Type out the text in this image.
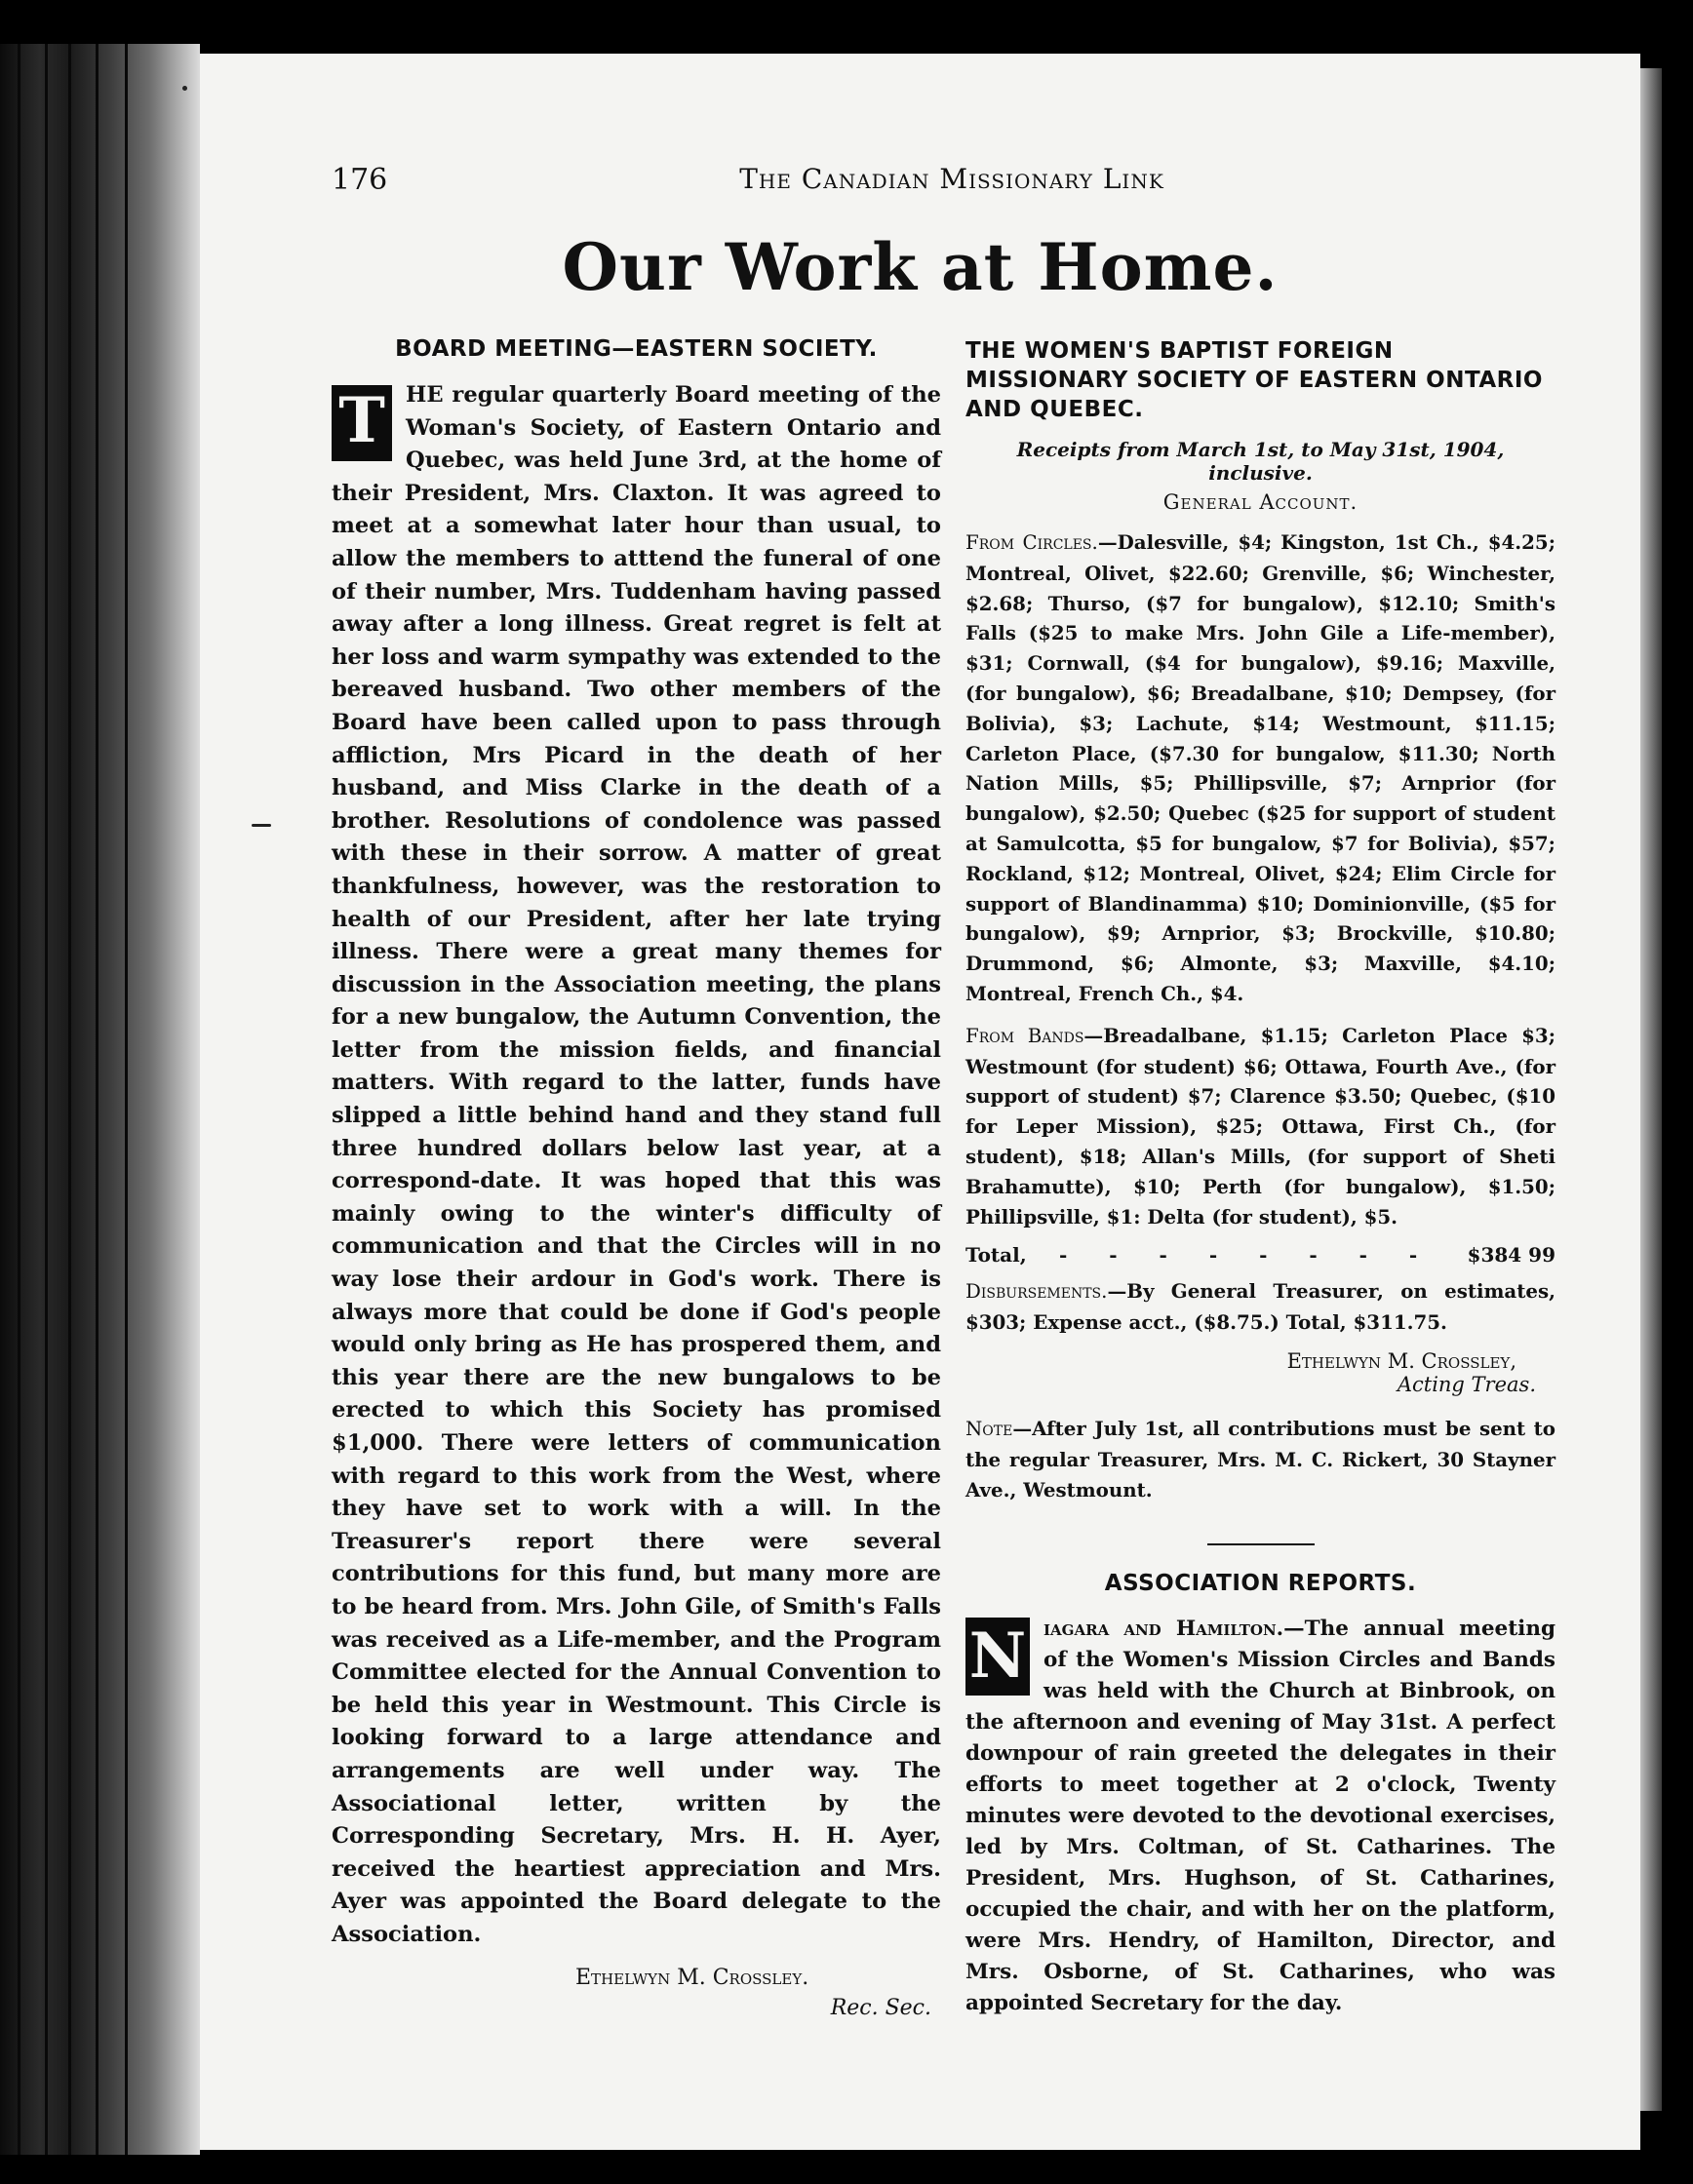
176	The Canadian Missionary Link
Our Work at Home.
BOARD MEETING—EASTERN SOCIETY.

T HE regular quarterly Board meeting of the Woman's Society, of Eastern Ontario and Quebec, was held June 3rd, at the home of their President, Mrs. Claxton. It was agreed to meet at a somewhat later hour than usual, to allow the members to atttend the funeral of one of their number, Mrs. Tuddenham having passed away after a long illness. Great regret is felt at her loss and warm sympathy was extended to the bereaved husband. Two other members of the Board have been called upon to pass through affliction, Mrs Picard in the death of her husband, and Miss Clarke in the death of a brother. Resolutions of condolence was passed with these in their sorrow. A matter of great thankfulness, however, was the restoration to health of our President, after her late trying illness. There were a great many themes for discussion in the Association meeting, the plans for a new bungalow, the Autumn Convention, the letter from the mission fields, and financial matters. With regard to the latter, funds have slipped a little behind hand and they stand full three hundred dollars below last year, at a correspond-date. It was hoped that this was mainly owing to the winter's difficulty of communication and that the Circles will in no way lose their ardour in God's work. There is always more that could be done if God's people would only bring as He has prospered them, and this year there are the new bungalows to be erected to which this Society has promised $1,000. There were letters of communication with regard to this work from the West, where they have set to work with a will. In the Treasurer's report there were several contributions for this fund, but many more are to be heard from. Mrs. John Gile, of Smith's Falls was received as a Life-member, and the Program Committee elected for the Annual Convention to be held this year in Westmount. This Circle is looking forward to a large attendance and arrangements are well under way. The Associational letter, written by the Corresponding Secretary, Mrs. H. H. Ayer, received the heartiest appreciation and Mrs. Ayer was appointed the Board delegate to the Association.

Ethelwyn M. Crossley.
Rec. Sec.
THE WOMEN'S BAPTIST FOREIGN MISSIONARY SOCIETY OF EASTERN ONTARIO AND QUEBEC.
Receipts from March 1st, to May 31st, 1904, inclusive.
General Account.

From Circles.—Dalesville, $4; Kingston, 1st Ch., $4.25; Montreal, Olivet, $22.60; Grenville, $6; Winchester, $2.68; Thurso, ($7 for bungalow), $12.10; Smith's Falls ($25 to make Mrs. John Gile a Life-member), $31; Cornwall, ($4 for bungalow), $9.16; Maxville, (for bungalow), $6; Breadalbane, $10; Dempsey, (for Bolivia), $3; Lachute, $14; Westmount, $11.15; Carleton Place, ($7.30 for bungalow, $11.30; North Nation Mills, $5; Phillipsville, $7; Arnprior (for bungalow), $2.50; Quebec ($25 for support of student at Samulcotta, $5 for bungalow, $7 for Bolivia), $57; Rockland, $12; Montreal, Olivet, $24; Elim Circle for support of Blandinamma) $10; Dominionville, ($5 for bungalow), $9; Arnprior, $3; Brockville, $10.80; Drummond, $6; Almonte, $3; Maxville, $4.10; Montreal, French Ch., $4.

From Bands—Breadalbane, $1.15; Carleton Place $3; Westmount (for student) $6; Ottawa, Fourth Ave., (for support of student) $7; Clarence $3.50; Quebec, ($10 for Leper Mission), $25; Ottawa, First Ch., (for student), $18; Allan's Mills, (for support of Sheti Brahamutte), $10; Perth (for bungalow), $1.50; Phillipsville, $1: Delta (for student), $5.

Total,	- - - - - - - -	$384 99

Disbursements.—By General Treasurer, on estimates, $303; Expense acct., ($8.75.) Total, $311.75.

Ethelwyn M. Crossley,
Acting Treas.

Note—After July 1st, all contributions must be sent to the regular Treasurer, Mrs. M. C. Rickert, 30 Stayner Ave., Westmount.

ASSOCIATION REPORTS.

N iagara and Hamilton.—The annual meeting of the Women's Mission Circles and Bands was held with the Church at Binbrook, on the afternoon and evening of May 31st. A perfect downpour of rain greeted the delegates in their efforts to meet together at 2 o'clock, Twenty minutes were devoted to the devotional exercises, led by Mrs. Coltman, of St. Catharines. The President, Mrs. Hughson, of St. Catharines, occupied the chair, and with her on the platform, were Mrs. Hendry, of Hamilton, Director, and Mrs. Osborne, of St. Catharines, who was appointed Secretary for the day.
